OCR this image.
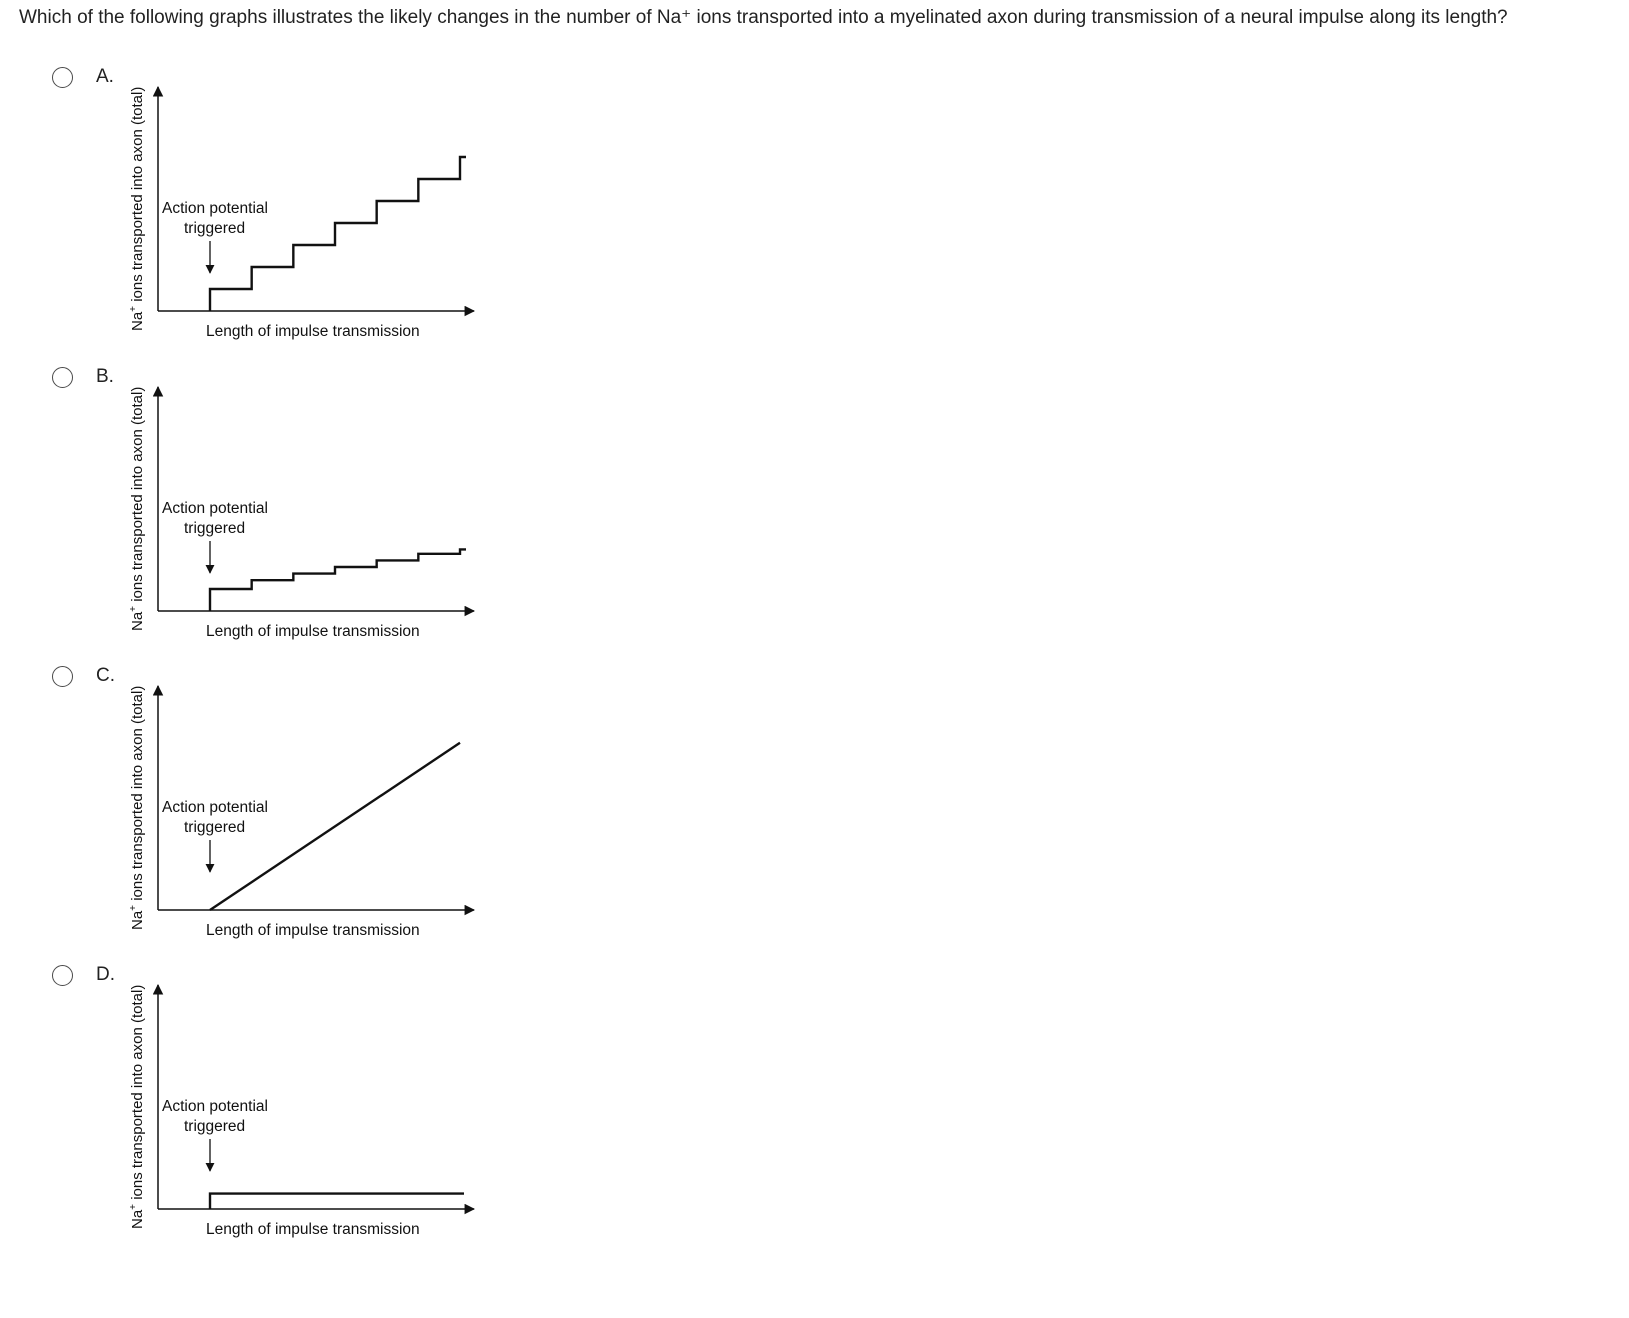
Which of the following graphs illustrates the likely changes in the number of Na⁺ ions transported into a myelinated axon during transmission of a neural impulse along its length?
A.
Na+ ions transported into axon (total)
Length of impulse transmission
Action potential
triggered
B.
Na+ ions transported into axon (total)
Length of impulse transmission
Action potential
triggered
C.
Na+ ions transported into axon (total)
Length of impulse transmission
Action potential
triggered
D.
Na+ ions transported into axon (total)
Length of impulse transmission
Action potential
triggered
